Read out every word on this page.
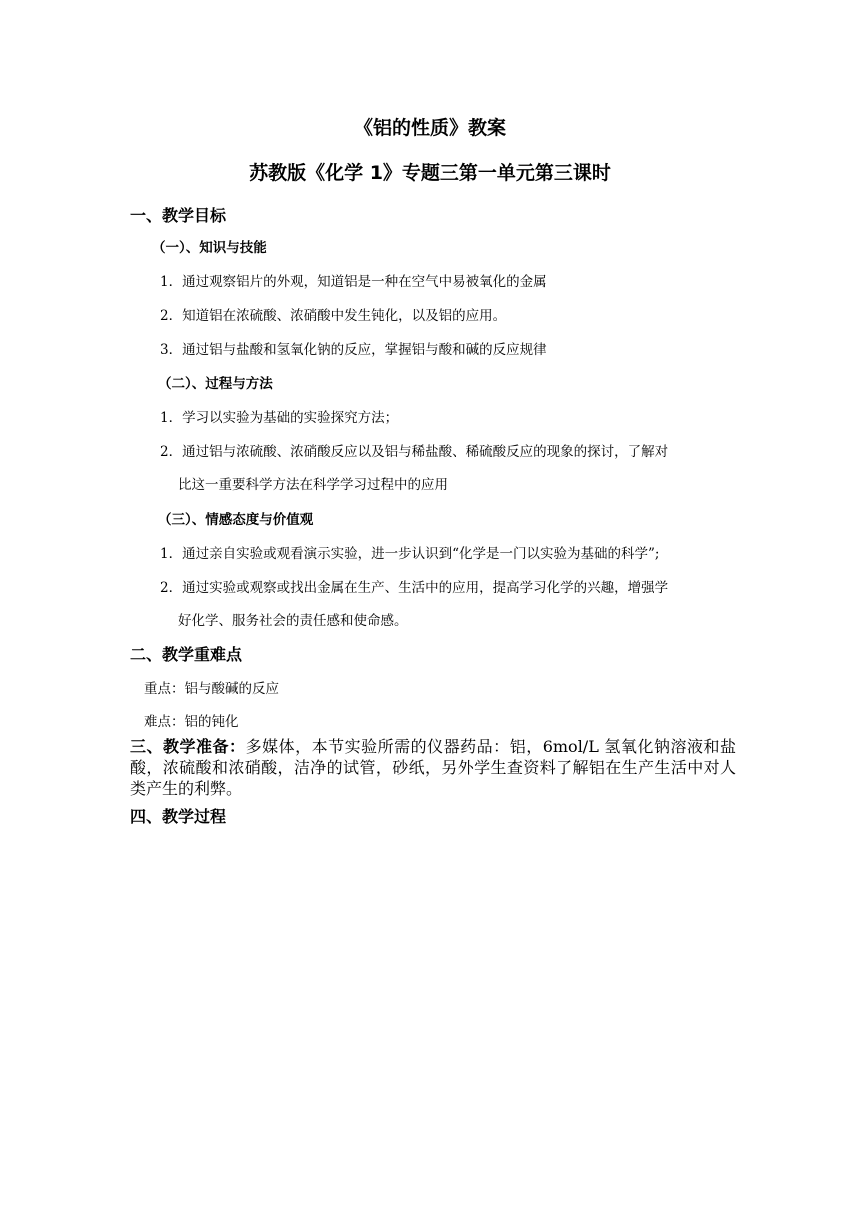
《铝的性质》教案
苏教版《化学 1》专题三第一单元第三课时
一、教学目标
（一）、知识与技能
1．通过观察铝片的外观，知道铝是一种在空气中易被氧化的金属
2．知道铝在浓硫酸、浓硝酸中发生钝化，以及铝的应用。
3．通过铝与盐酸和氢氧化钠的反应，掌握铝与酸和碱的反应规律
（二）、过程与方法
1．学习以实验为基础的实验探究方法；
2．通过铝与浓硫酸、浓硝酸反应以及铝与稀盐酸、稀硫酸反应的现象的探讨，了解对
比这一重要科学方法在科学学习过程中的应用
（三）、情感态度与价值观
1．通过亲自实验或观看演示实验，进一步认识到“化学是一门以实验为基础的科学”;
2．通过实验或观察或找出金属在生产、生活中的应用，提高学习化学的兴趣，增强学
好化学、服务社会的责任感和使命感。
二、教学重难点
重点：铝与酸碱的反应
难点：铝的钝化
三、教学准备：多媒体，本节实验所需的仪器药品：铝，6mol/L 氢氧化钠溶液和盐酸，浓硫酸和浓硝酸，洁净的试管，砂纸，另外学生查资料了解铝在生产生活中对人类产生的利弊。
四、教学过程
